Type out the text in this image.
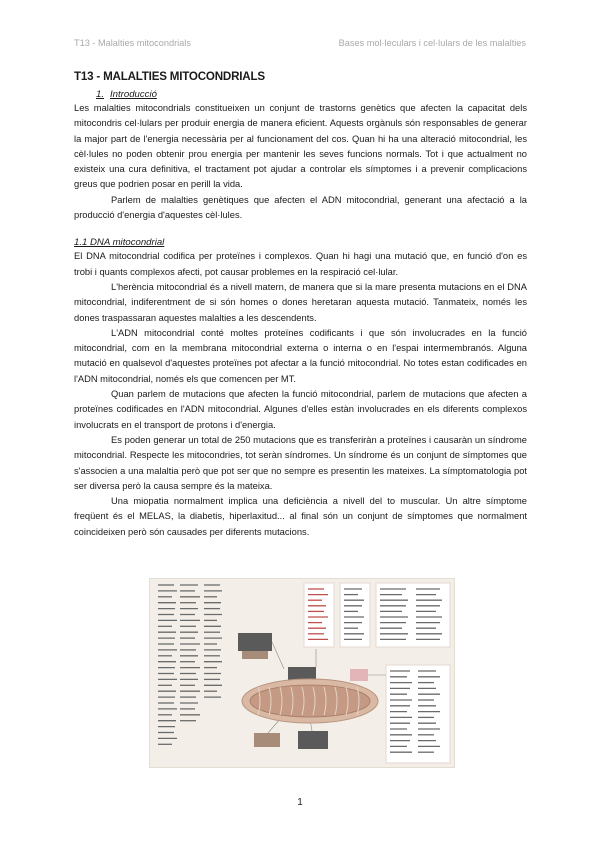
T13 - Malalties mitocondrials	Bases mol·leculars i cel·lulars de les malalties
T13 - MALALTIES MITOCONDRIALS
1. Introducció

Les malalties mitocondrials constitueixen un conjunt de trastorns genètics que afecten la capacitat dels mitocondris cel·lulars per produir energia de manera eficient. Aquests orgànuls són responsables de generar la major part de l'energia necessària per al funcionament del cos. Quan hi ha una alteració mitocondrial, les cèl·lules no poden obtenir prou energia per mantenir les seves funcions normals. Tot i que actualment no existeix una cura definitiva, el tractament pot ajudar a controlar els símptomes i a prevenir complicacions greus que podrien posar en perill la vida.

Parlem de malalties genètiques que afecten el ADN mitocondrial, generant una afectació a la producció d'energia d'aquestes cèl·lules.

1.1 DNA mitocondrial

El DNA mitocondrial codifica per proteïnes i complexos. Quan hi hagi una mutació que, en funció d'on es trobi i quants complexos afecti, pot causar problemes en la respiració cel·lular.

L'herència mitocondrial és a nivell matern, de manera que si la mare presenta mutacions en el DNA mitocondrial, indiferentment de si són homes o dones heretaran aquesta mutació. Tanmateix, només les dones traspassaran aquestes malalties a les descendents.

L'ADN mitocondrial conté moltes proteïnes codificants i que són involucrades en la funció mitocondrial, com en la membrana mitocondrial externa o interna o en l'espai intermembranós. Alguna mutació en qualsevol d'aquestes proteïnes pot afectar a la funció mitocondrial. No totes estan codificades en l'ADN mitocondrial, només els que comencen per MT.

Quan parlem de mutacions que afecten la funció mitocondrial, parlem de mutacions que afecten a proteïnes codificades en l'ADN mitocondrial. Algunes d'elles estàn involucrades en els diferents complexos involucrats en el transport de protons i d'energia.

Es poden generar un total de 250 mutacions que es transferiràn a proteïnes i causaràn un síndrome mitocondrial. Respecte les mitocondries, tot seràn síndromes. Un síndrome és un conjunt de símptomes que s'associen a una malaltia però que pot ser que no sempre es presentin les mateixes. La símptomatologia pot ser diversa però la causa sempre és la mateixa.

Una miopatia normalment implica una deficiència a nivell del to muscular. Un altre símptome freqüent és el MELAS, la diabetis, hiperlaxitud... al final són un conjunt de símptomes que normalment coincideixen però són causades per diferents mutacions.

1
